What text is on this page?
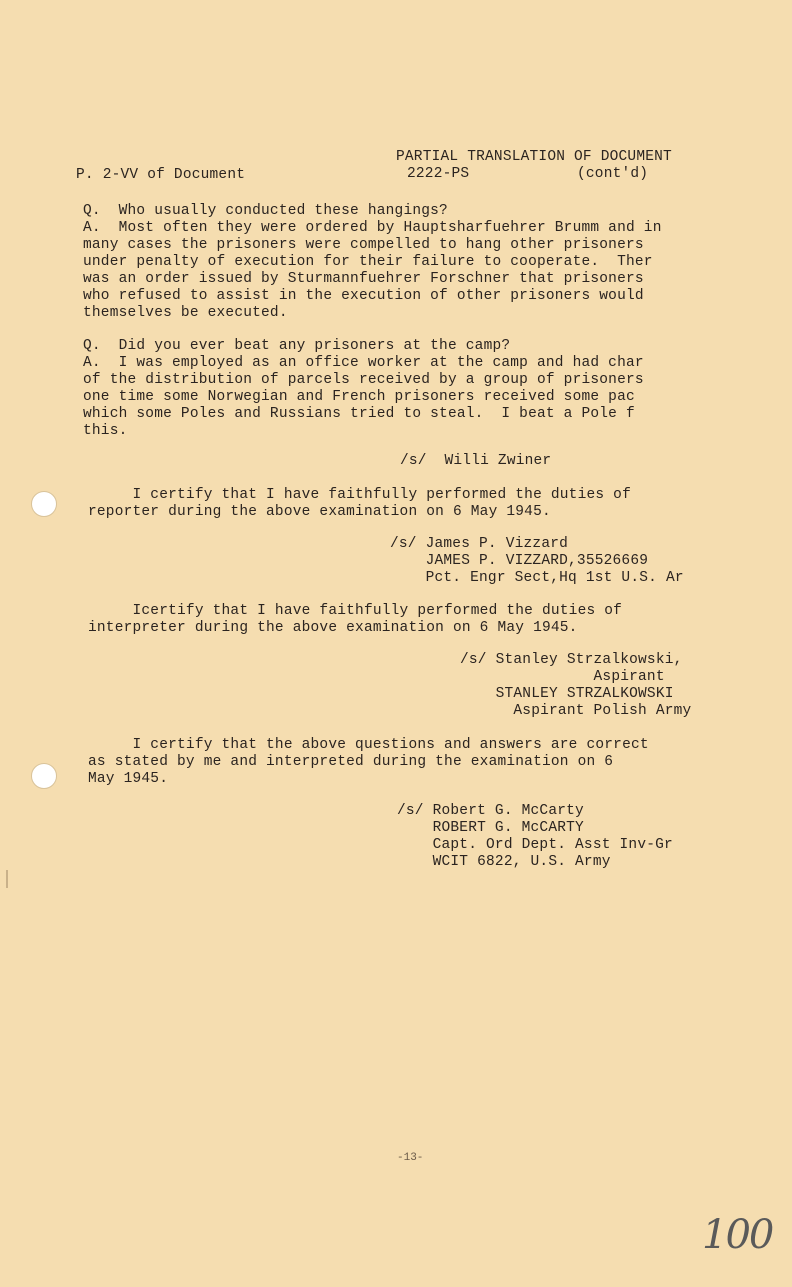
P. 2-VV of Document
PARTIAL TRANSLATION OF DOCUMENT
2222-PS	(cont'd)
Q.  Who usually conducted these hangings?
A.  Most often they were ordered by Hauptsharfuehrer Brumm and in
many cases the prisoners were compelled to hang other prisoners
under penalty of execution for their failure to cooperate.  Ther
was an order issued by Sturmannfuehrer Forschner that prisoners
who refused to assist in the execution of other prisoners would
themselves be executed.
Q.  Did you ever beat any prisoners at the camp?
A.  I was employed as an office worker at the camp and had char
of the distribution of parcels received by a group of prisoners
one time some Norwegian and French prisoners received some pac
which some Poles and Russians tried to steal.  I beat a Pole f
this.
/s/  Willi Zwiner
I certify that I have faithfully performed the duties of
reporter during the above examination on 6 May 1945.
/s/ James P. Vizzard
JAMES P. VIZZARD,35526669
Pct. Engr Sect,Hq 1st U.S. Ar
Icertify that I have faithfully performed the duties of
interpreter during the above examination on 6 May 1945.
/s/ Stanley Strzalkowski,
Aspirant
STANLEY STRZALKOWSKI
Aspirant Polish Army
I certify that the above questions and answers are correct
as stated by me and interpreted during the examination on 6
May 1945.
/s/ Robert G. McCarty
ROBERT G. McCARTY
Capt. Ord Dept. Asst Inv-Gr
WCIT 6822, U.S. Army
-13-
100
